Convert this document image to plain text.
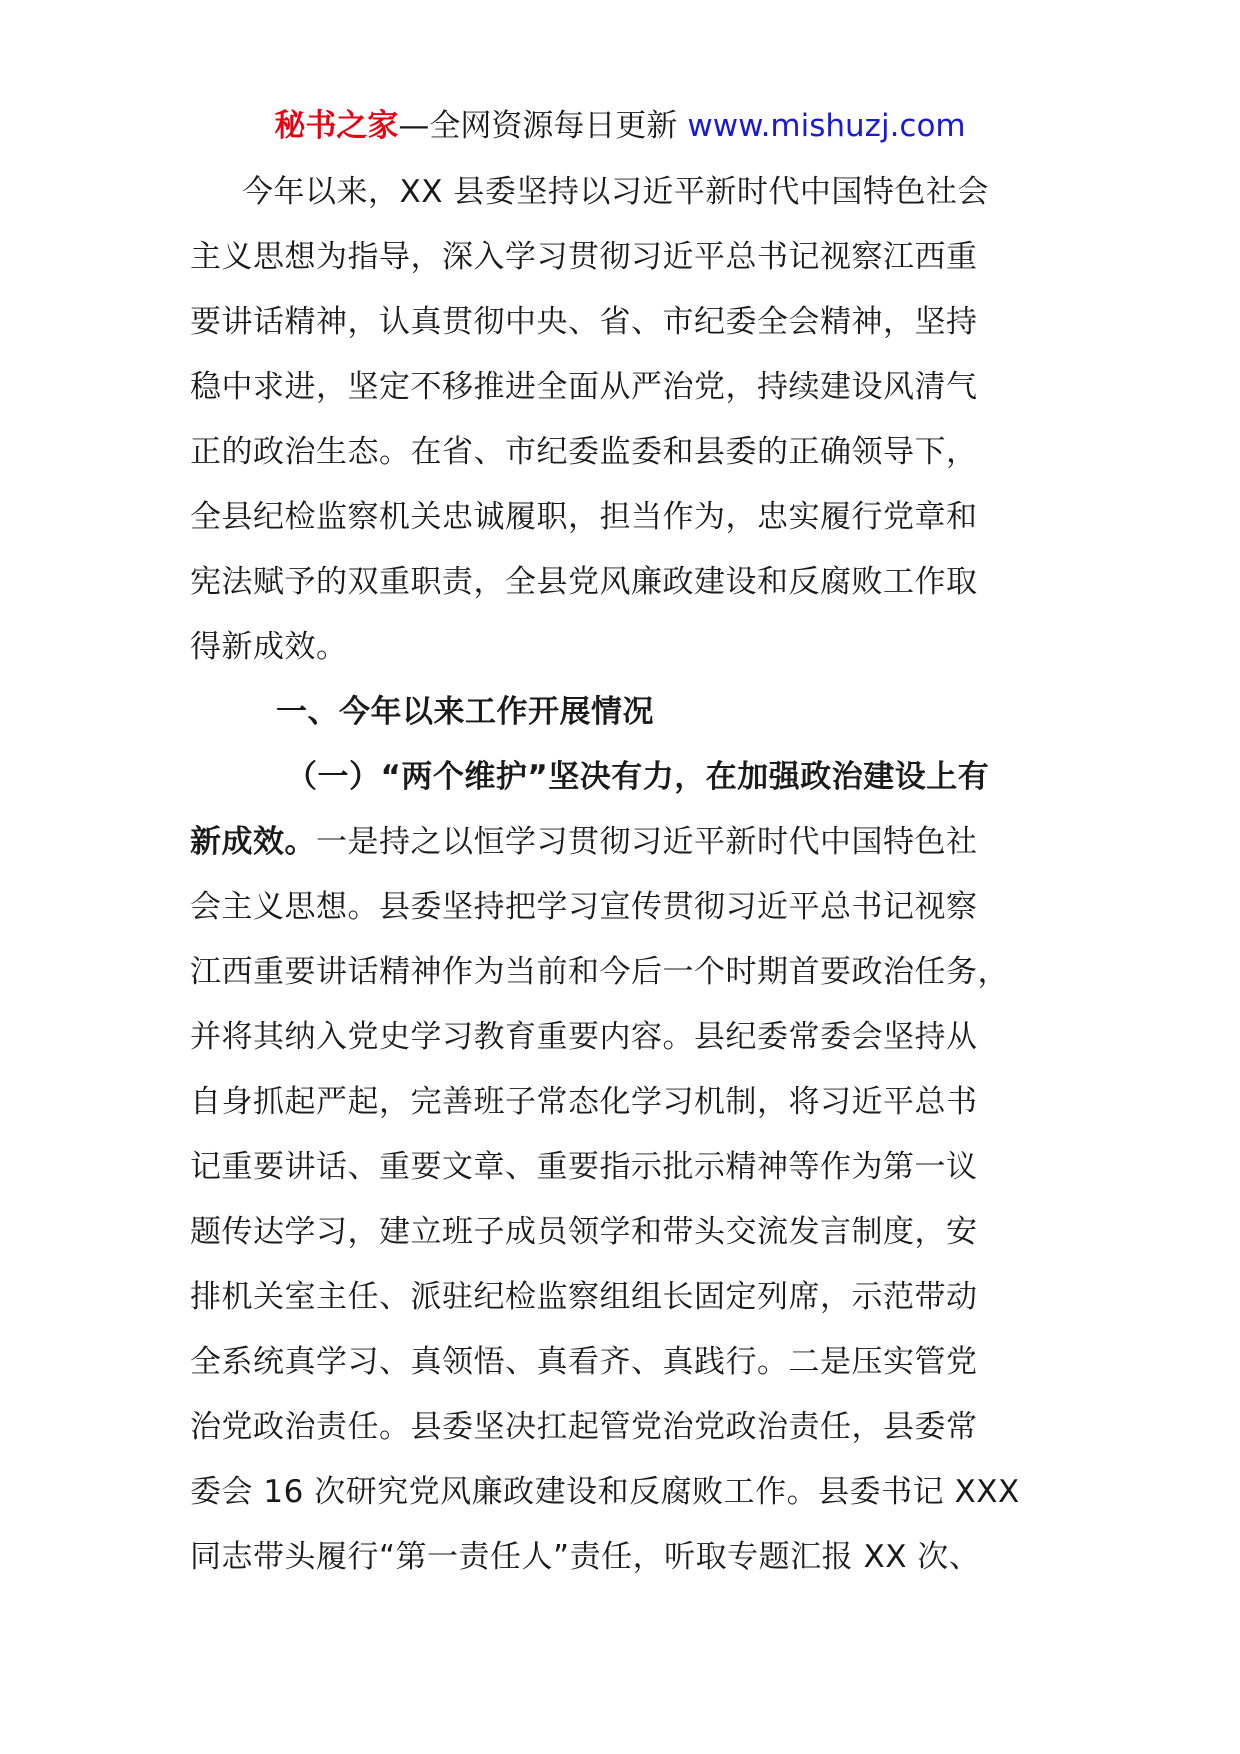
秘书之家—全网资源每日更新 www.mishuzj.com
今年以来，XX 县委坚持以习近平新时代中国特色社会
主义思想为指导，深入学习贯彻习近平总书记视察江西重
要讲话精神，认真贯彻中央、省、市纪委全会精神，坚持
稳中求进，坚定不移推进全面从严治党，持续建设风清气
正的政治生态。在省、市纪委监委和县委的正确领导下，
全县纪检监察机关忠诚履职，担当作为，忠实履行党章和
宪法赋予的双重职责，全县党风廉政建设和反腐败工作取
得新成效。
一、今年以来工作开展情况
（一）“两个维护”坚决有力，在加强政治建设上有
新成效。一是持之以恒学习贯彻习近平新时代中国特色社
会主义思想。县委坚持把学习宣传贯彻习近平总书记视察
江西重要讲话精神作为当前和今后一个时期首要政治任务，
并将其纳入党史学习教育重要内容。县纪委常委会坚持从
自身抓起严起，完善班子常态化学习机制，将习近平总书
记重要讲话、重要文章、重要指示批示精神等作为第一议
题传达学习，建立班子成员领学和带头交流发言制度，安
排机关室主任、派驻纪检监察组组长固定列席，示范带动
全系统真学习、真领悟、真看齐、真践行。二是压实管党
治党政治责任。县委坚决扛起管党治党政治责任，县委常
委会 16 次研究党风廉政建设和反腐败工作。县委书记 XXX
同志带头履行“第一责任人”责任，听取专题汇报 XX 次、
